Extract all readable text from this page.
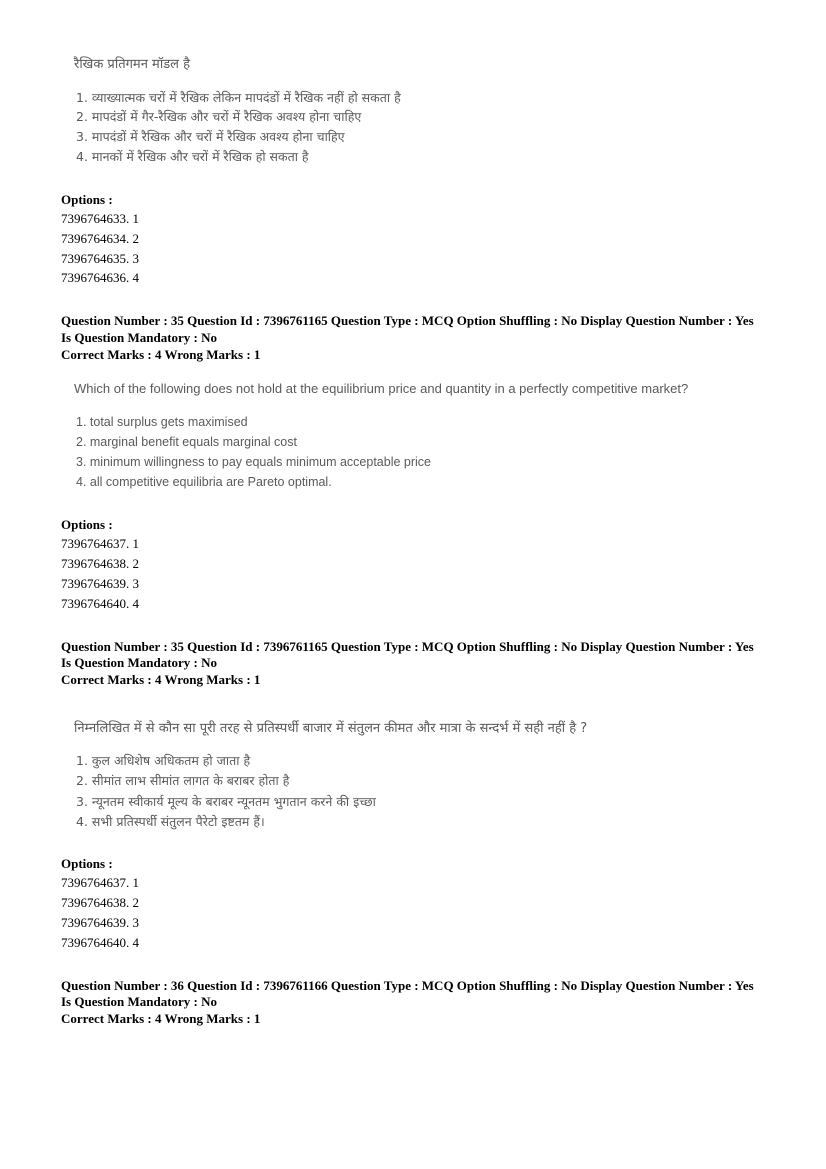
रैखिक प्रतिगमन मॉडल है
1. व्याख्यात्मक चरों में रैखिक लेकिन मापदंडों में रैखिक नहीं हो सकता है
2. मापदंडों में गैर-रैखिक और चरों में रैखिक अवश्य होना चाहिए
3. मापदंडों में रैखिक और चरों में रैखिक अवश्य होना चाहिए
4. मानकों में रैखिक और चरों में रैखिक हो सकता है
Options :
7396764633. 1
7396764634. 2
7396764635. 3
7396764636. 4
Question Number : 35 Question Id : 7396761165 Question Type : MCQ Option Shuffling : No Display Question Number : Yes
Is Question Mandatory : No
Correct Marks : 4 Wrong Marks : 1
Which of the following does not hold at the equilibrium price and quantity in a perfectly competitive market?
1. total surplus gets maximised
2. marginal benefit equals marginal cost
3. minimum willingness to pay equals minimum acceptable price
4. all competitive equilibria are Pareto optimal.
Options :
7396764637. 1
7396764638. 2
7396764639. 3
7396764640. 4
Question Number : 35 Question Id : 7396761165 Question Type : MCQ Option Shuffling : No Display Question Number : Yes
Is Question Mandatory : No
Correct Marks : 4 Wrong Marks : 1
निम्नलिखित में से कौन सा पूरी तरह से प्रतिस्पर्धी बाजार में संतुलन कीमत और मात्रा के सन्दर्भ में सही नहीं है ?
1. कुल अधिशेष अधिकतम हो जाता है
2. सीमांत लाभ सीमांत लागत के बराबर होता है
3. न्यूनतम स्वीकार्य मूल्य के बराबर न्यूनतम भुगतान करने की इच्छा
4. सभी प्रतिस्पर्धी संतुलन पैरेटो इष्टतम हैं।
Options :
7396764637. 1
7396764638. 2
7396764639. 3
7396764640. 4
Question Number : 36 Question Id : 7396761166 Question Type : MCQ Option Shuffling : No Display Question Number : Yes
Is Question Mandatory : No
Correct Marks : 4 Wrong Marks : 1
